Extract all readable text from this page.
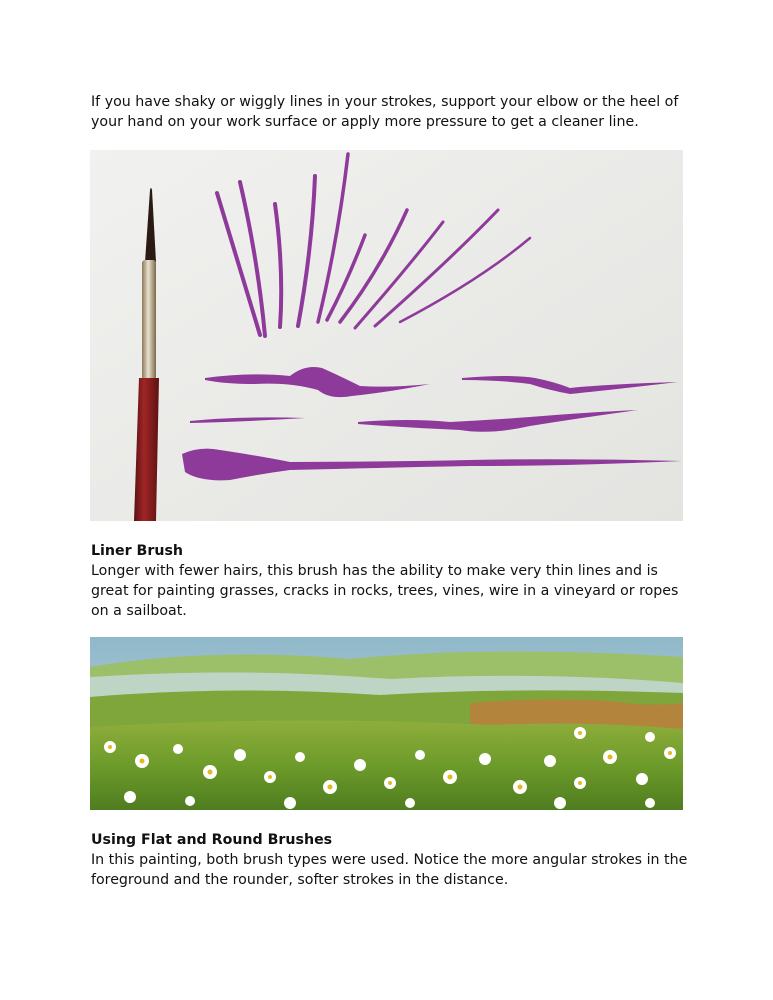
If you have shaky or wiggly lines in your strokes, support your elbow or the heel of your hand on your work surface or apply more pressure to get a cleaner line.

Liner Brush
Longer with fewer hairs, this brush has the ability to make very thin lines and is great for painting grasses, cracks in rocks, trees, vines, wire in a vineyard or ropes on a sailboat.

Using Flat and Round Brushes
In this painting, both brush types were used. Notice the more angular strokes in the foreground and the rounder, softer strokes in the distance.
